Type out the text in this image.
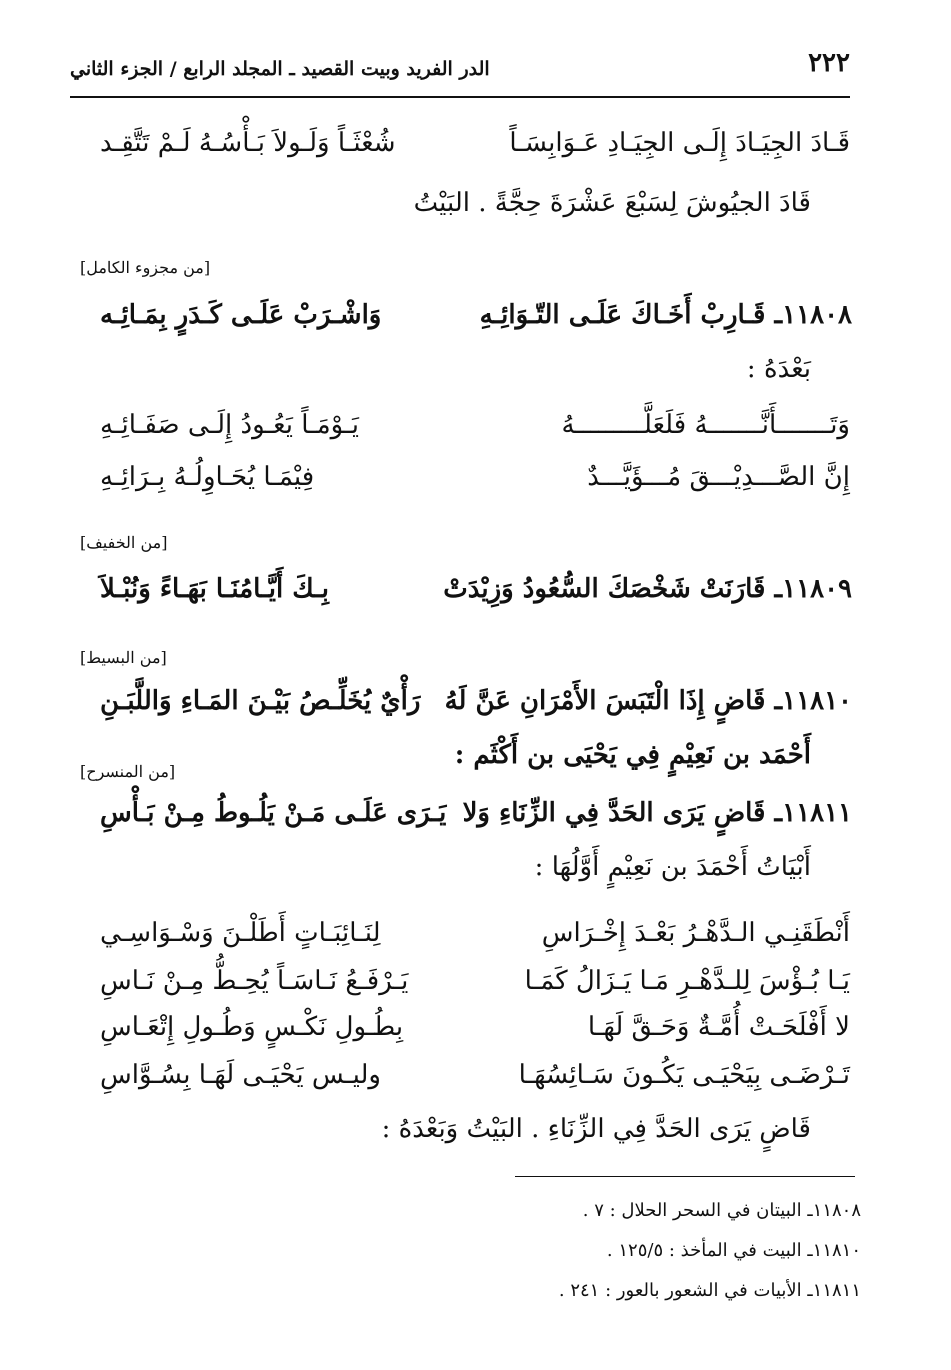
٢٢٢
الدر الفريد وبيت القصيد ـ المجلد الرابع / الجزء الثاني
قَـادَ الجِيَـادَ إِلَـى الجِيَـادِ عَـوَابِسَـاً
شُعْثَـاً وَلَـولاَ بَـأْسُـهُ لَـمْ تَتَّقِـد
قَادَ الجيُوشَ لِسَبْعَ عَشْرَةَ حِجَّةً . البَيْتُ
[من مجزوء الكامل]
١١٨٠٨ـ قَـارِبْ أَخَـاكَ عَلَـى التّـوَائِـهِ
وَاشْـرَبْ عَلَـى كَـدَرٍ بِمَـائِـه
بَعْدَهُ :
وَتَـــــــأَنَّـــــــهُ فَلَعَلَّـــــــــهُ
يَـوْمَـاً يَعُـودُ إِلَـى صَفَـائِـهِ
إِنَّ الصَّـــدِيْـــقَ مُـــؤَيَّـــدٌ
فِيْمَـا يُحَـاوِلُـهُ بِـرَائِـهِ
[من الخفيف]
١١٨٠٩ـ قَارَنَتْ شَخْصَكَ السُّعُودُ وَزِيْدَتْ
بِـكَ أَيَّـامُنَـا بَهَـاءً وَنُبْـلاَ
[من البسيط]
١١٨١٠ـ قَاضٍ إِذَا الْتَبَسَ الأَمْرَانِ عَنَّ لَهُ
رَأْيٌ يُخَلِّـصُ بَيْـنَ المَـاءِ وَاللَّبَـنِ
أَحْمَد بن نَعِيْمٍ فِي يَحْيَى بن أَكْثَم :
[من المنسرح]
١١٨١١ـ قَاضٍ يَرَى الحَدَّ فِي الزِّنَاءِ وَلا
يَـرَى عَلَـى مَـنْ يَلُـوطُ مِـنْ بَـأْسِ
أَبْيَاتُ أَحْمَدَ بن نَعِيْمٍ أَوَّلُهَا :
أَنْطَقَنِـي الـدَّهْـرُ بَعْـدَ إِخْـرَاسِ
لِنَـائِبَـاتٍ أَطَلْـنَ وَسْـوَاسِـي
يَـا بُـؤْسَ لِلـدَّهْـرِ مَـا يَـزَالُ كَمَـا
يَـرْفَـعُ نَـاسَـاً يُحِـطُّ مِـنْ نَـاسِ
لا أَفْلَحَـتْ أُمَّـةٌ وَحَـقَّ لَهَـا
بِطُـولِ نَكْـسٍ وَطُـولِ إِتْعَـاسِ
تَـرْضَـى بِيَحْيَـى يَكُـونَ سَـائِسُهَـا
وليـس يَحْيَـى لَهَـا بِسُـوَّاسِ
قَاضٍ يَرَى الحَدَّ فِي الزِّنَاءِ . البَيْتُ وَبَعْدَهُ :
١١٨٠٨ـ البيتان في السحر الحلال : ٧ .
١١٨١٠ـ البيت في المأخذ : ١٢٥/٥ .
١١٨١١ـ الأبيات في الشعور بالعور : ٢٤١ .
